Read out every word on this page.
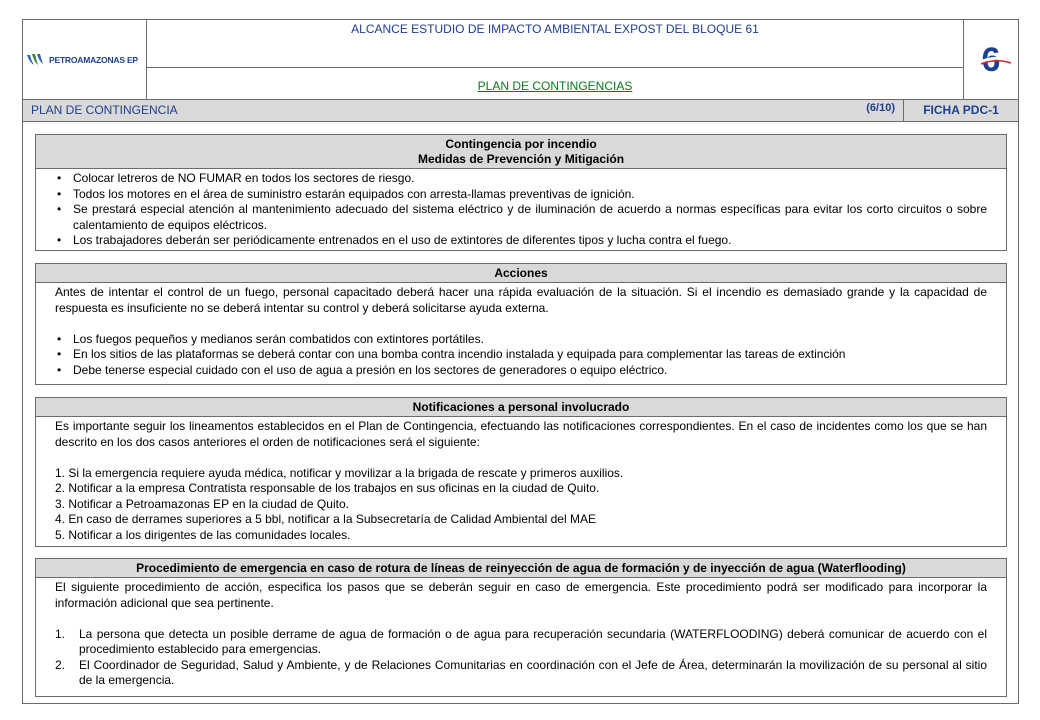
PETROAMAZONAS EP
ALCANCE ESTUDIO DE IMPACTO AMBIENTAL EXPOST DEL BLOQUE 61
PLAN DE CONTINGENCIAS
6
PLAN DE CONTINGENCIA	(6/10)	FICHA PDC-1
Contingencia por incendio
Medidas de Prevención y Mitigación
• Colocar letreros de NO FUMAR en todos los sectores de riesgo.
• Todos los motores en el área de suministro estarán equipados con arresta-llamas preventivas de ignición.
• Se prestará especial atención al mantenimiento adecuado del sistema eléctrico y de iluminación de acuerdo a normas específicas para evitar los corto circuitos o sobre calentamiento de equipos eléctricos.
• Los trabajadores deberán ser periódicamente entrenados en el uso de extintores de diferentes tipos y lucha contra el fuego.
Acciones
Antes de intentar el control de un fuego, personal capacitado deberá hacer una rápida evaluación de la situación. Si el incendio es demasiado grande y la capacidad de respuesta es insuficiente no se deberá intentar su control y deberá solicitarse ayuda externa.
• Los fuegos pequeños y medianos serán combatidos con extintores portátiles.
• En los sitios de las plataformas se deberá contar con una bomba contra incendio instalada y equipada para complementar las tareas de extinción
• Debe tenerse especial cuidado con el uso de agua a presión en los sectores de generadores o equipo eléctrico.
Notificaciones a personal involucrado
Es importante seguir los lineamentos establecidos en el Plan de Contingencia, efectuando las notificaciones correspondientes. En el caso de incidentes como los que se han descrito en los dos casos anteriores el orden de notificaciones será el siguiente:
1. Si la emergencia requiere ayuda médica, notificar y movilizar a la brigada de rescate y primeros auxilios.
2. Notificar a la empresa Contratista responsable de los trabajos en sus oficinas en la ciudad de Quito.
3. Notificar a Petroamazonas EP en la ciudad de Quito.
4. En caso de derrames superiores a 5 bbl, notificar a la Subsecretaría de Calidad Ambiental del MAE
5. Notificar a los dirigentes de las comunidades locales.
Procedimiento de emergencia en caso de rotura de líneas de reinyección de agua de formación y de inyección de agua (Waterflooding)
El siguiente procedimiento de acción, especifica los pasos que se deberán seguir en caso de emergencia. Este procedimiento podrá ser modificado para incorporar la información adicional que sea pertinente.
1. La persona que detecta un posible derrame de agua de formación o de agua para recuperación secundaria (WATERFLOODING) deberá comunicar de acuerdo con el procedimiento establecido para emergencias.
2. El Coordinador de Seguridad, Salud y Ambiente, y de Relaciones Comunitarias en coordinación con el Jefe de Área, determinarán la movilización de su personal al sitio de la emergencia.
